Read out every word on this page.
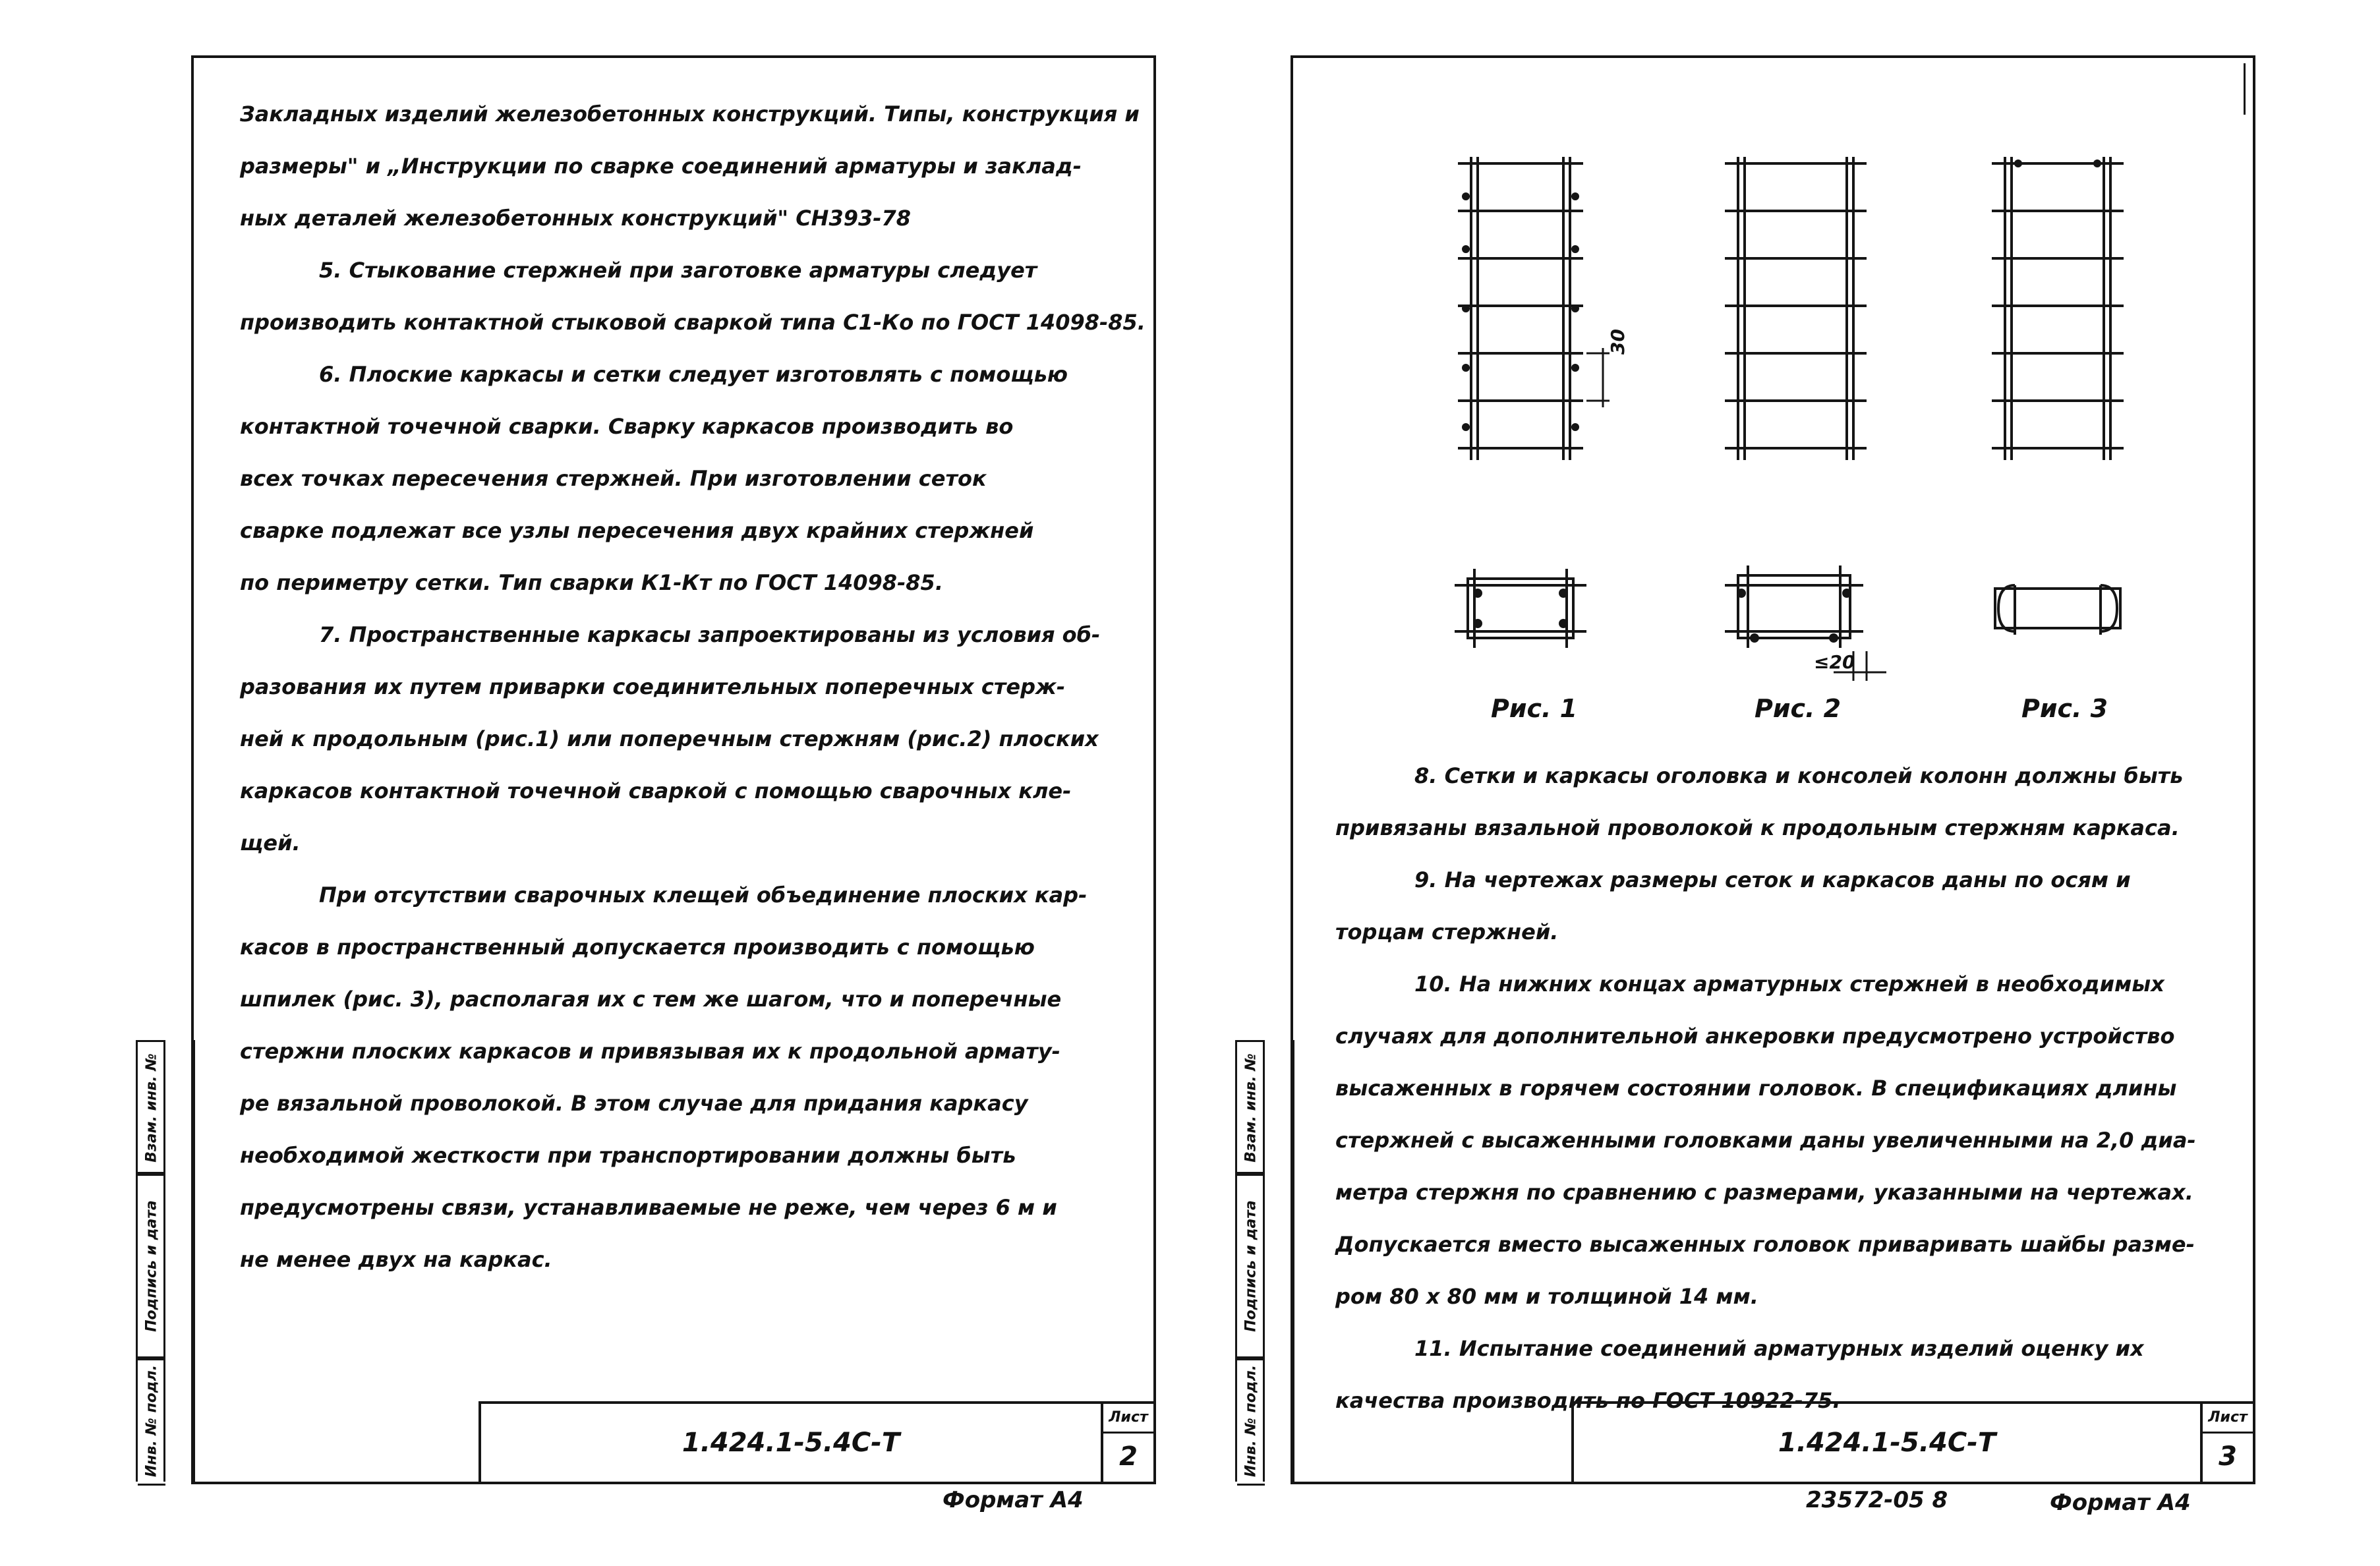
Взам. инв. №
Подпись и дата
Инв. № подл.
Закладных изделий железобетонных конструкций. Типы, конструкция и
размеры" и „Инструкции по сварке соединений арматуры и заклад-
ных деталей железобетонных конструкций" СН393-78
5. Стыкование стержней при заготовке арматуры следует
производить контактной стыковой сваркой типа С1-Ко по ГОСТ 14098-85.
6. Плоские каркасы и сетки следует изготовлять с помощью
контактной точечной сварки. Сварку каркасов производить во
всех точках пересечения стержней. При изготовлении сеток
сварке подлежат все узлы пересечения двух крайних стержней
по периметру сетки. Тип сварки К1-Кт по ГОСТ 14098-85.
7. Пространственные каркасы запроектированы из условия об-
разования их путем приварки соединительных поперечных стерж-
ней к продольным (рис.1) или поперечным стержням (рис.2) плоских
каркасов контактной точечной сваркой с помощью сварочных кле-
щей.
При отсутствии сварочных клещей объединение плоских кар-
касов в пространственный допускается производить с помощью
шпилек (рис. 3), располагая их с тем же шагом, что и поперечные
стержни плоских каркасов и привязывая их к продольной армату-
ре вязальной проволокой. В этом случае для придания каркасу
необходимой жесткости при транспортировании должны быть
предусмотрены связи, устанавливаемые не реже, чем через 6 м и
не менее двух на каркас.
1.424.1-5.4С-Т
Лист
2
Формат А4
Взам. инв. №
Подпись и дата
Инв. № подл.
30
≤20
Рис. 1	Рис. 2	Рис. 3
8. Сетки и каркасы оголовка и консолей колонн должны быть
привязаны вязальной проволокой к продольным стержням каркаса.
9. На чертежах размеры сеток и каркасов даны по осям и
торцам стержней.
10. На нижних концах арматурных стержней в необходимых
случаях для дополнительной анкеровки предусмотрено устройство
высаженных в горячем состоянии головок. В спецификациях длины
стержней с высаженными головками даны увеличенными на 2,0 диа-
метра стержня по сравнению с размерами, указанными на чертежах.
Допускается вместо высаженных головок приваривать шайбы разме-
ром 80 х 80 мм и толщиной 14 мм.
11. Испытание соединений арматурных изделий оценку их
качества производить по ГОСТ 10922-75.
1.424.1-5.4С-Т
Лист
3
23572-05 8	Формат А4
